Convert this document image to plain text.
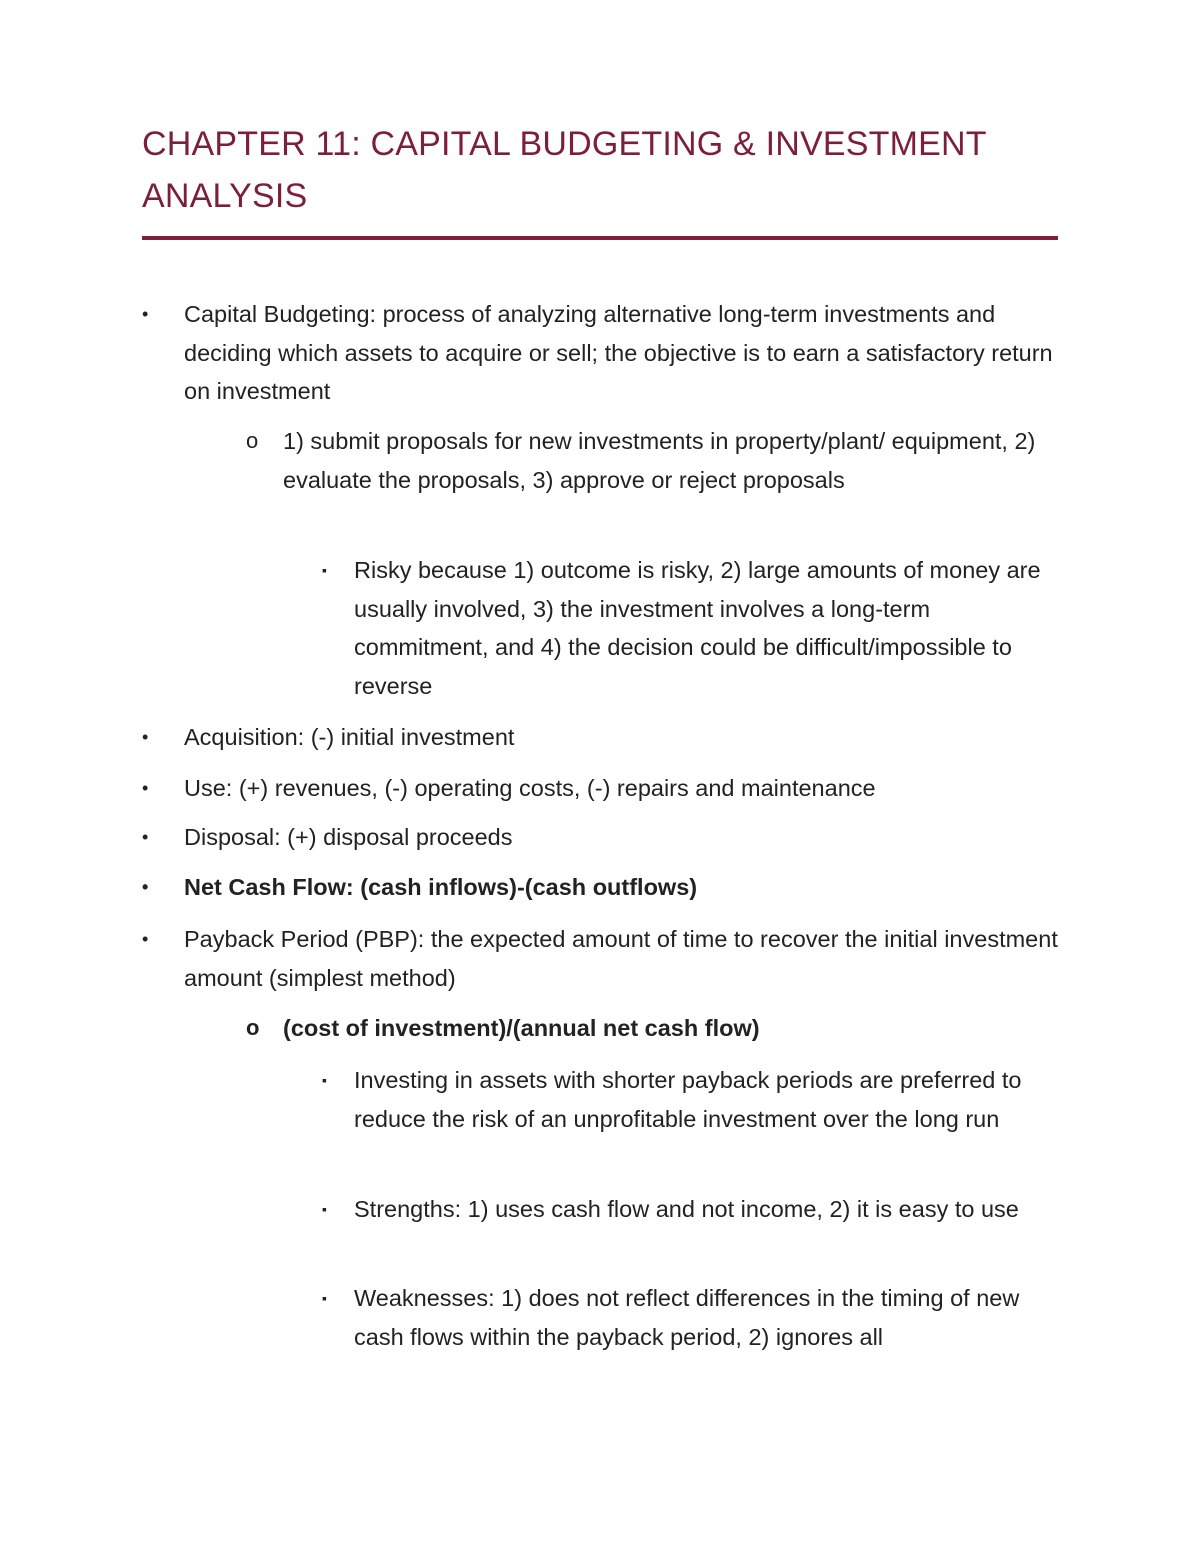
CHAPTER 11: CAPITAL BUDGETING & INVESTMENT
ANALYSIS
• Capital Budgeting: process of analyzing alternative long-term investments and deciding which assets to acquire or sell; the objective is to earn a satisfactory return on investment
o 1) submit proposals for new investments in property/plant/ equipment, 2) evaluate the proposals, 3) approve or reject proposals
▪ Risky because 1) outcome is risky, 2) large amounts of money are usually involved, 3) the investment involves a long-term commitment, and 4) the decision could be difficult/impossible to reverse
• Acquisition: (-) initial investment
• Use: (+) revenues, (-) operating costs, (-) repairs and maintenance
• Disposal: (+) disposal proceeds
• Net Cash Flow: (cash inflows)-(cash outflows)
• Payback Period (PBP): the expected amount of time to recover the initial investment amount (simplest method)
o (cost of investment)/(annual net cash flow)
▪ Investing in assets with shorter payback periods are preferred to reduce the risk of an unprofitable investment over the long run
▪ Strengths: 1) uses cash flow and not income, 2) it is easy to use
▪ Weaknesses: 1) does not reflect differences in the timing of new cash flows within the payback period, 2) ignores all
